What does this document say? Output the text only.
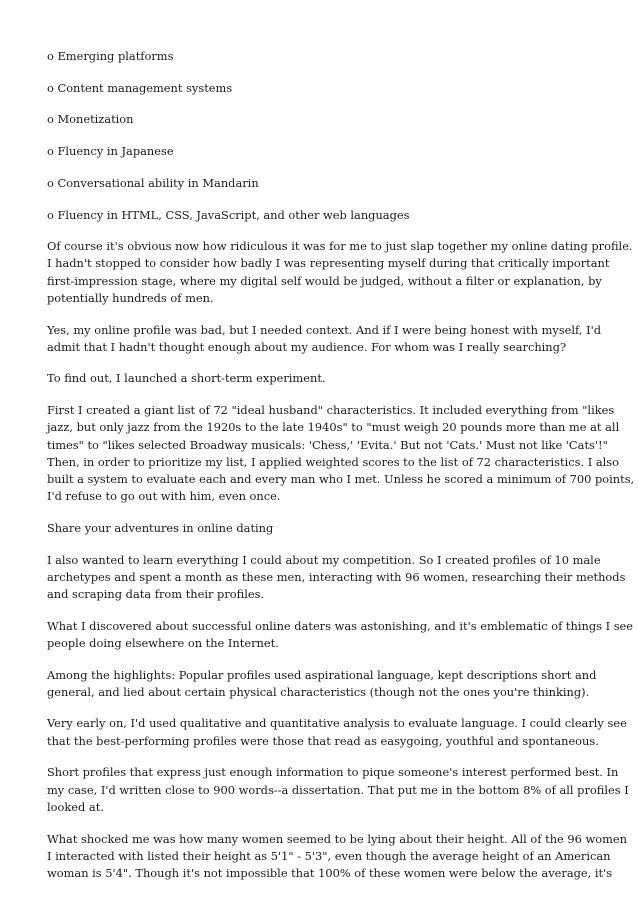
o Emerging platforms
o Content management systems
o Monetization
o Fluency in Japanese
o Conversational ability in Mandarin
o Fluency in HTML, CSS, JavaScript, and other web languages
Of course it's obvious now how ridiculous it was for me to just slap together my online dating profile.
I hadn't stopped to consider how badly I was representing myself during that critically important
first-impression stage, where my digital self would be judged, without a filter or explanation, by
potentially hundreds of men.
Yes, my online profile was bad, but I needed context. And if I were being honest with myself, I'd
admit that I hadn't thought enough about my audience. For whom was I really searching?
To find out, I launched a short-term experiment.
First I created a giant list of 72 "ideal husband" characteristics. It included everything from "likes
jazz, but only jazz from the 1920s to the late 1940s" to "must weigh 20 pounds more than me at all
times" to "likes selected Broadway musicals: 'Chess,' 'Evita.' But not 'Cats.' Must not like 'Cats'!"
Then, in order to prioritize my list, I applied weighted scores to the list of 72 characteristics. I also
built a system to evaluate each and every man who I met. Unless he scored a minimum of 700 points,
I'd refuse to go out with him, even once.
Share your adventures in online dating
I also wanted to learn everything I could about my competition. So I created profiles of 10 male
archetypes and spent a month as these men, interacting with 96 women, researching their methods
and scraping data from their profiles.
What I discovered about successful online daters was astonishing, and it's emblematic of things I see
people doing elsewhere on the Internet.
Among the highlights: Popular profiles used aspirational language, kept descriptions short and
general, and lied about certain physical characteristics (though not the ones you're thinking).
Very early on, I'd used qualitative and quantitative analysis to evaluate language. I could clearly see
that the best-performing profiles were those that read as easygoing, youthful and spontaneous.
Short profiles that express just enough information to pique someone's interest performed best. In
my case, I'd written close to 900 words--a dissertation. That put me in the bottom 8% of all profiles I
looked at.
What shocked me was how many women seemed to be lying about their height. All of the 96 women
I interacted with listed their height as 5'1" - 5'3", even though the average height of an American
woman is 5'4". Though it's not impossible that 100% of these women were below the average, it's
